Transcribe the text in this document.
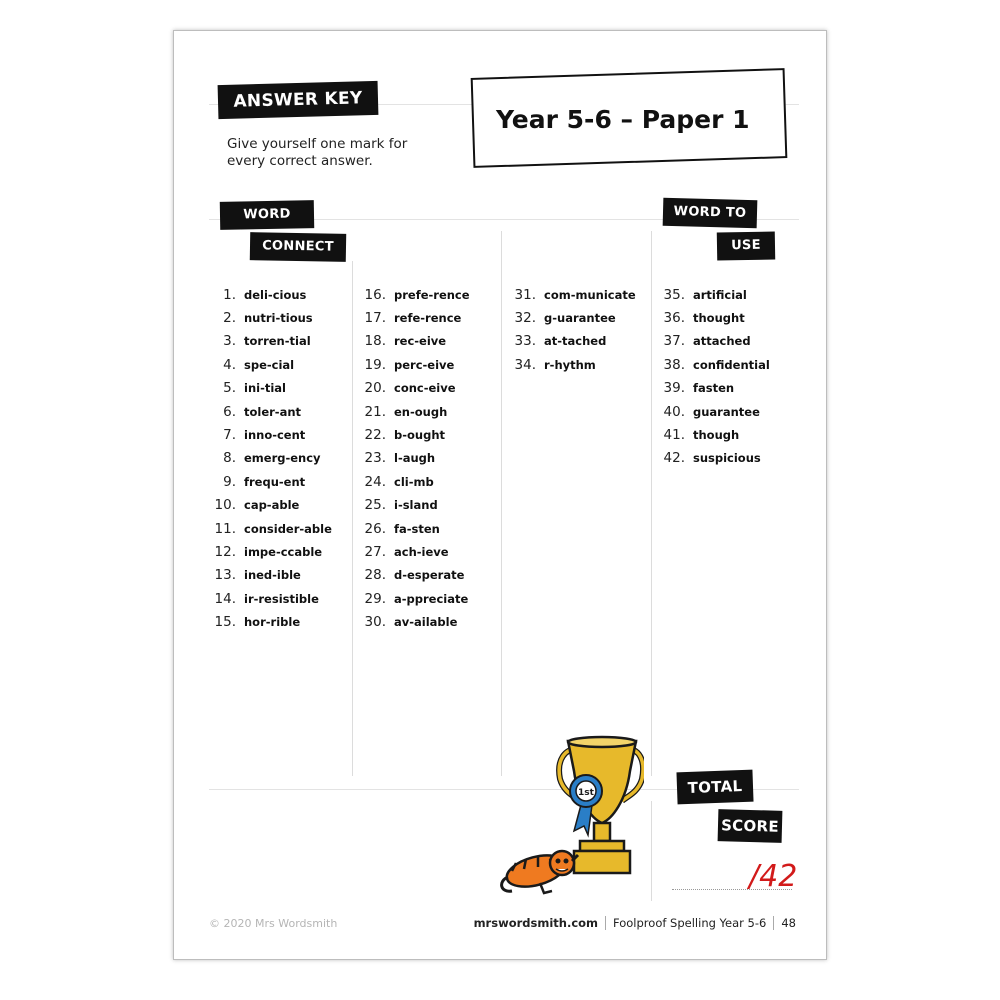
ANSWER KEY
Give yourself one mark for every correct answer.
Year 5-6 – Paper 1
WORD
CONNECT
WORD TO
USE
1. deli-cious
2. nutri-tious
3. torren-tial
4. spe-cial
5. ini-tial
6. toler-ant
7. inno-cent
8. emerg-ency
9. frequ-ent
10. cap-able
11. consider-able
12. impe-ccable
13. ined-ible
14. ir-resistible
15. hor-rible
16. prefe-rence
17. refe-rence
18. rec-eive
19. perc-eive
20. conc-eive
21. en-ough
22. b-ought
23. l-augh
24. cli-mb
25. i-sland
26. fa-sten
27. ach-ieve
28. d-esperate
29. a-ppreciate
30. av-ailable
31. com-municate
32. g-uarantee
33. at-tached
34. r-hythm
35. artificial
36. thought
37. attached
38. confidential
39. fasten
40. guarantee
41. though
42. suspicious
1st	TOTAL
SCORE
/42
© 2020 Mrs Wordsmith	mrswordsmith.com Foolproof Spelling Year 5-6 48
